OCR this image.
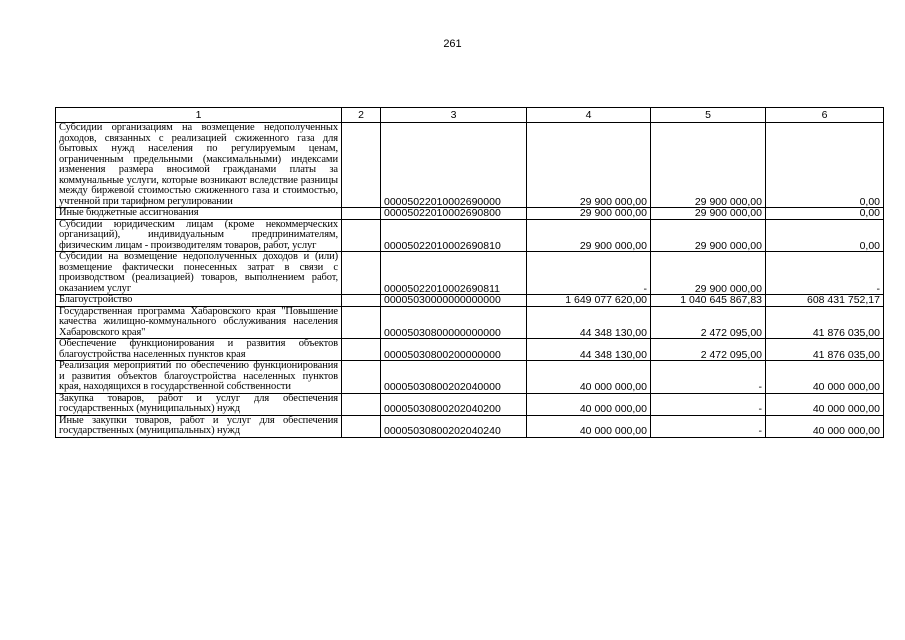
261
1	2	3	4	5	6
Субсидии организациям на возмещение недополученных доходов, связанных с реализацией сжиженного газа для бытовых нужд населения по регулируемым ценам, ограниченным предельными (максимальными) индексами изменения размера вносимой гражданами платы за коммунальные услуги, которые возникают вследствие разницы между биржевой стоимостью сжиженного газа и стоимостью, учтенной при тарифном регулировании		00005022010002690000	29 900 000,00	29 900 000,00	0,00
Иные бюджетные ассигнования		00005022010002690800	29 900 000,00	29 900 000,00	0,00
Субсидии юридическим лицам (кроме некоммерческих организаций), индивидуальным предпринимателям, физическим лицам - производителям товаров, работ, услуг		00005022010002690810	29 900 000,00	29 900 000,00	0,00
Субсидии на возмещение недополученных доходов и (или) возмещение фактически понесенных затрат в связи с производством (реализацией) товаров, выполнением работ, оказанием услуг		00005022010002690811	-	29 900 000,00	-
Благоустройство		00005030000000000000	1 649 077 620,00	1 040 645 867,83	608 431 752,17
Государственная программа Хабаровского края "Повышение качества жилищно-коммунального обслуживания населения Хабаровского края"		00005030800000000000	44 348 130,00	2 472 095,00	41 876 035,00
Обеспечение функционирования и развития объектов благоустройства населенных пунктов края		00005030800200000000	44 348 130,00	2 472 095,00	41 876 035,00
Реализация мероприятий по обеспечению функционирования и развития объектов благоустройства населенных пунктов края, находящихся в государственной собственности		00005030800202040000	40 000 000,00	-	40 000 000,00
Закупка товаров, работ и услуг для обеспечения государственных (муниципальных) нужд		00005030800202040200	40 000 000,00	-	40 000 000,00
Иные закупки товаров, работ и услуг для обеспечения государственных (муниципальных) нужд		00005030800202040240	40 000 000,00	-	40 000 000,00
